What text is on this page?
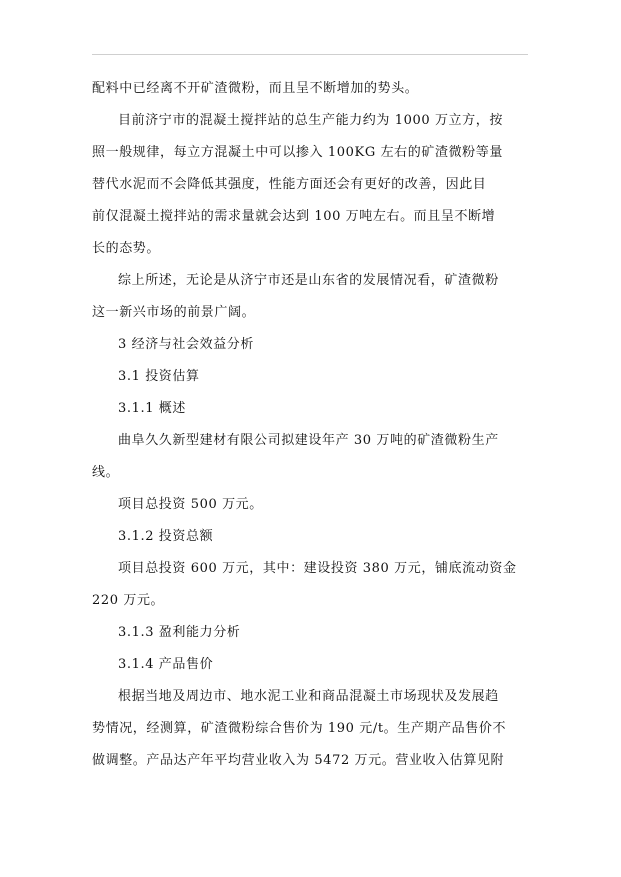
配料中已经离不开矿渣微粉，而且呈不断增加的势头。
目前济宁市的混凝土搅拌站的总生产能力约为 1000 万立方，按
照一般规律，每立方混凝土中可以掺入 100KG 左右的矿渣微粉等量
替代水泥而不会降低其强度，性能方面还会有更好的改善，因此目
前仅混凝土搅拌站的需求量就会达到 100 万吨左右。而且呈不断增
长的态势。
综上所述，无论是从济宁市还是山东省的发展情况看，矿渣微粉
这一新兴市场的前景广阔。
3 经济与社会效益分析
3.1 投资估算
3.1.1 概述
曲阜久久新型建材有限公司拟建设年产 30 万吨的矿渣微粉生产
线。
项目总投资 500 万元。
3.1.2 投资总额
项目总投资 600 万元，其中：建设投资 380 万元，铺底流动资金
220 万元。
3.1.3 盈利能力分析
3.1.4 产品售价
根据当地及周边市、地水泥工业和商品混凝土市场现状及发展趋
势情况，经测算，矿渣微粉综合售价为 190 元/t。生产期产品售价不
做调整。产品达产年平均营业收入为 5472 万元。营业收入估算见附
